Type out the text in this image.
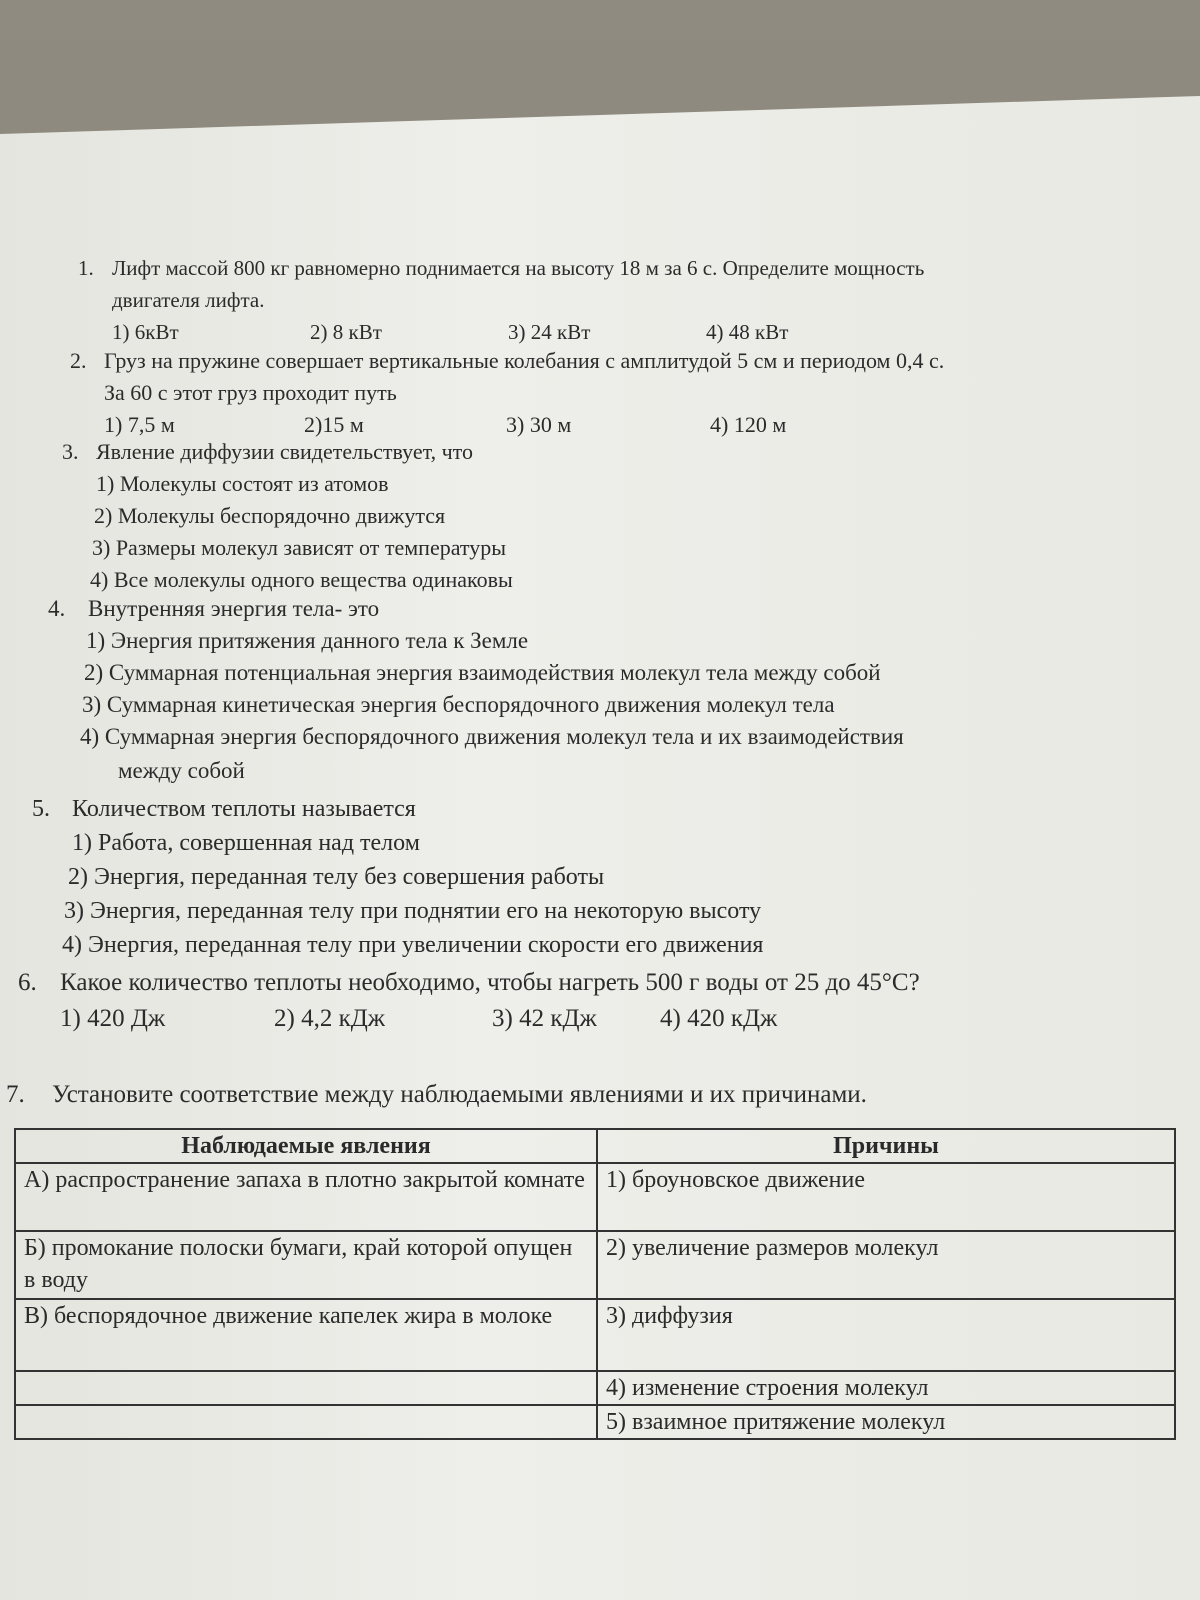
1. Лифт массой 800 кг равномерно поднимается на высоту 18 м за 6 с. Определите мощность
двигателя лифта.
1) 6кВт	2) 8 кВт	3) 24 кВт	4) 48 кВт
2. Груз на пружине совершает вертикальные колебания с амплитудой 5 см и периодом 0,4 с.
За 60 с этот груз проходит путь
1) 7,5 м	2)15 м	3) 30 м	4) 120 м
3. Явление диффузии свидетельствует, что
1) Молекулы состоят из атомов
2) Молекулы беспорядочно движутся
3) Размеры молекул зависят от температуры
4) Все молекулы одного вещества одинаковы
4. Внутренняя энергия тела- это
1) Энергия притяжения данного тела к Земле
2) Суммарная потенциальная энергия взаимодействия молекул тела между собой
3) Суммарная кинетическая энергия беспорядочного движения молекул тела
4) Суммарная энергия беспорядочного движения молекул тела и их взаимодействия
между собой
5. Количеством теплоты называется
1) Работа, совершенная над телом
2) Энергия, переданная телу без совершения работы
3) Энергия, переданная телу при поднятии его на некоторую высоту
4) Энергия, переданная телу при увеличении скорости его движения
6. Какое количество теплоты необходимо, чтобы нагреть 500 г воды от 25 до 45°С?
1) 420 Дж	2) 4,2 кДж	3) 42 кДж	4) 420 кДж
7. Установите соответствие между наблюдаемыми явлениями и их причинами.
Наблюдаемые явления	Причины
А) распространение запаха в плотно закрытой комнате	1) броуновское движение
Б) промокание полоски бумаги, край которой опущен в воду	2) увеличение размеров молекул
В) беспорядочное движение капелек жира в молоке	3) диффузия
	4) изменение строения молекул
	5) взаимное притяжение молекул
